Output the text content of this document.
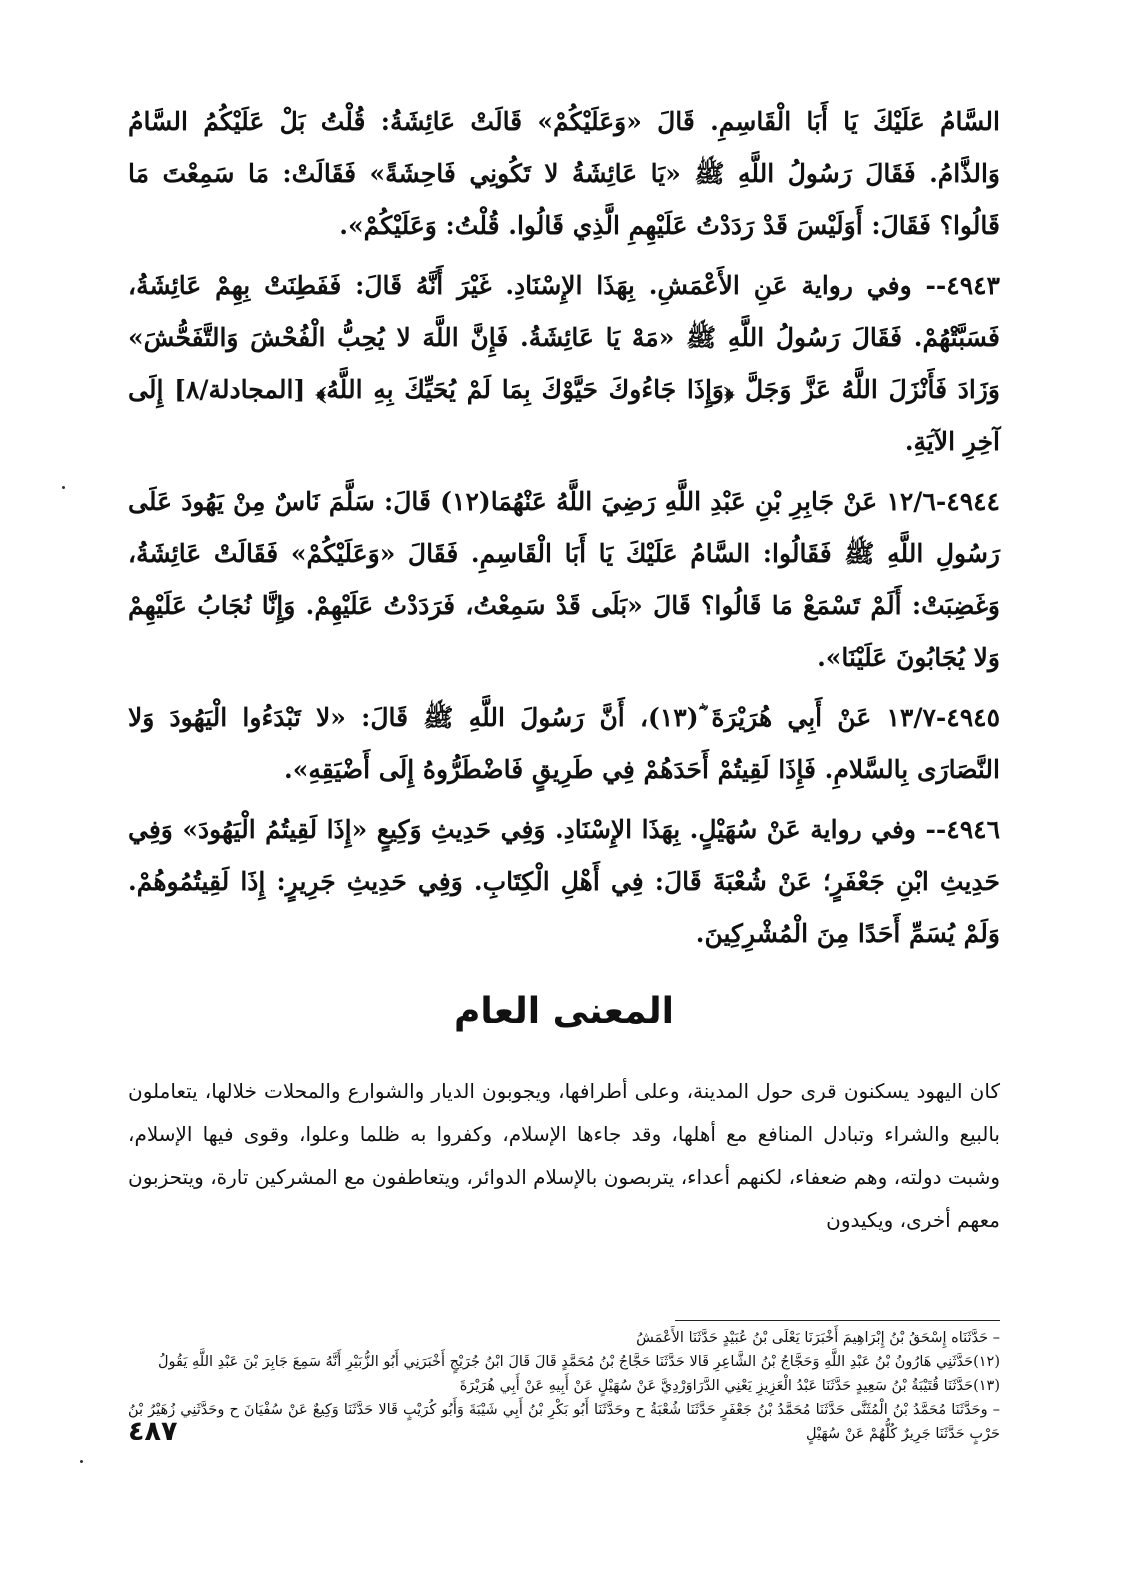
السَّامُ عَلَيْكَ يَا أَبَا الْقَاسِمِ. قَالَ «وَعَلَيْكُمْ» قَالَتْ عَائِشَةُ: قُلْتُ بَلْ عَلَيْكُمُ السَّامُ وَالذَّامُ. فَقَالَ رَسُولُ اللَّهِ ﷺ «يَا عَائِشَةُ لا تَكُونِي فَاحِشَةً» فَقَالَتْ: مَا سَمِعْتَ مَا قَالُوا؟ فَقَالَ: أَوَلَيْسَ قَدْ رَدَدْتُ عَلَيْهِمِ الَّذِي قَالُوا. قُلْتُ: وَعَلَيْكُمْ».

٤٩٤٣-- وفي رواية عَنِ الأَعْمَشِ. بِهَذَا الإِسْنَادِ. غَيْرَ أَنَّهُ قَالَ: فَفَطِنَتْ بِهِمْ عَائِشَةُ، فَسَبَّتْهُمْ. فَقَالَ رَسُولُ اللَّهِ ﷺ «مَهْ يَا عَائِشَةُ. فَإِنَّ اللَّهَ لا يُحِبُّ الْفُحْشَ وَالتَّفَحُّشَ» وَزَادَ فَأَنْزَلَ اللَّهُ عَزَّ وَجَلَّ ﴿وَإِذَا جَاءُوكَ حَيَّوْكَ بِمَا لَمْ يُحَيِّكَ بِهِ اللَّهُ﴾ [المجادلة/٨] إِلَى آخِرِ الآيَةِ.

٤٩٤٤-١٢/٦ عَنْ جَابِرِ بْنِ عَبْدِ اللَّهِ رَضِيَ اللَّهُ عَنْهُمَا(١٢) قَالَ: سَلَّمَ نَاسٌ مِنْ يَهُودَ عَلَى رَسُولِ اللَّهِ ﷺ فَقَالُوا: السَّامُ عَلَيْكَ يَا أَبَا الْقَاسِمِ. فَقَالَ «وَعَلَيْكُمْ» فَقَالَتْ عَائِشَةُ، وَغَضِبَتْ: أَلَمْ تَسْمَعْ مَا قَالُوا؟ قَالَ «بَلَى قَدْ سَمِعْتُ، فَرَدَدْتُ عَلَيْهِمْ. وَإِنَّا نُجَابُ عَلَيْهِمْ وَلا يُجَابُونَ عَلَيْنَا».

٤٩٤٥-١٣/٧ عَنْ أَبِي هُرَيْرَةَ ؓ(١٣)، أَنَّ رَسُولَ اللَّهِ ﷺ قَالَ: «لا تَبْدَءُوا الْيَهُودَ وَلا النَّصَارَى بِالسَّلامِ. فَإِذَا لَقِيتُمْ أَحَدَهُمْ فِي طَرِيقٍ فَاضْطَرُّوهُ إِلَى أَضْيَقِهِ».

٤٩٤٦-- وفي رواية عَنْ سُهَيْلٍ. بِهَذَا الإِسْنَادِ. وَفِي حَدِيثِ وَكِيعٍ «إِذَا لَقِيتُمُ الْيَهُودَ» وَفِي حَدِيثِ ابْنِ جَعْفَرٍ؛ عَنْ شُعْبَةَ قَالَ: فِي أَهْلِ الْكِتَابِ. وَفِي حَدِيثِ جَرِيرٍ: إِذَا لَقِيتُمُوهُمْ. وَلَمْ يُسَمِّ أَحَدًا مِنَ الْمُشْرِكِينَ.

المعنى العام

كان اليهود يسكنون قرى حول المدينة، وعلى أطرافها، ويجوبون الديار والشوارع والمحلات خلالها، يتعاملون بالبيع والشراء وتبادل المنافع مع أهلها، وقد جاءها الإسلام، وكفروا به ظلما وعلوا، وقوى فيها الإسلام، وشبت دولته، وهم ضعفاء، لكنهم أعداء، يتربصون بالإسلام الدوائر، ويتعاطفون مع المشركين تارة، ويتحزبون معهم أخرى، ويكيدون

– حَدَّثَنَاه إِسْحَقُ بْنُ إِبْرَاهِيمَ أَخْبَرَنَا يَعْلَى بْنُ عُبَيْدٍ حَدَّثَنَا الأَعْمَشُ

(١٢)حَدَّثَنِي هَارُونُ بْنُ عَبْدِ اللَّهِ وَحَجَّاجُ بْنُ الشَّاعِرِ قَالا حَدَّثَنَا حَجَّاجُ بْنُ مُحَمَّدٍ قَالَ قَالَ ابْنُ جُرَيْجٍ أَخْبَرَنِي أَبُو الزُّبَيْرِ أَنَّهُ سَمِعَ جَابِرَ بْنَ عَبْدِ اللَّهِ يَقُولُ

(١٣)حَدَّثَنَا قُتَيْبَةُ بْنُ سَعِيدٍ حَدَّثَنَا عَبْدُ الْعَزِيزِ يَعْنِي الدَّرَاوَرْدِيَّ عَنْ سُهَيْلٍ عَنْ أَبِيهِ عَنْ أَبِي هُرَيْرَةَ

– وحَدَّثَنَا مُحَمَّدُ بْنُ الْمُثَنَّى حَدَّثَنَا مُحَمَّدُ بْنُ جَعْفَرٍ حَدَّثَنَا شُعْبَةُ ح وحَدَّثَنَا أَبُو بَكْرِ بْنُ أَبِي شَيْبَةَ وَأَبُو كُرَيْبٍ قَالا حَدَّثَنَا وَكِيعٌ عَنْ سُفْيَانَ ح وحَدَّثَنِي زُهَيْرُ بْنُ حَرْبٍ حَدَّثَنَا جَرِيرٌ كُلُّهُمْ عَنْ سُهَيْلٍ

٤٨٧
